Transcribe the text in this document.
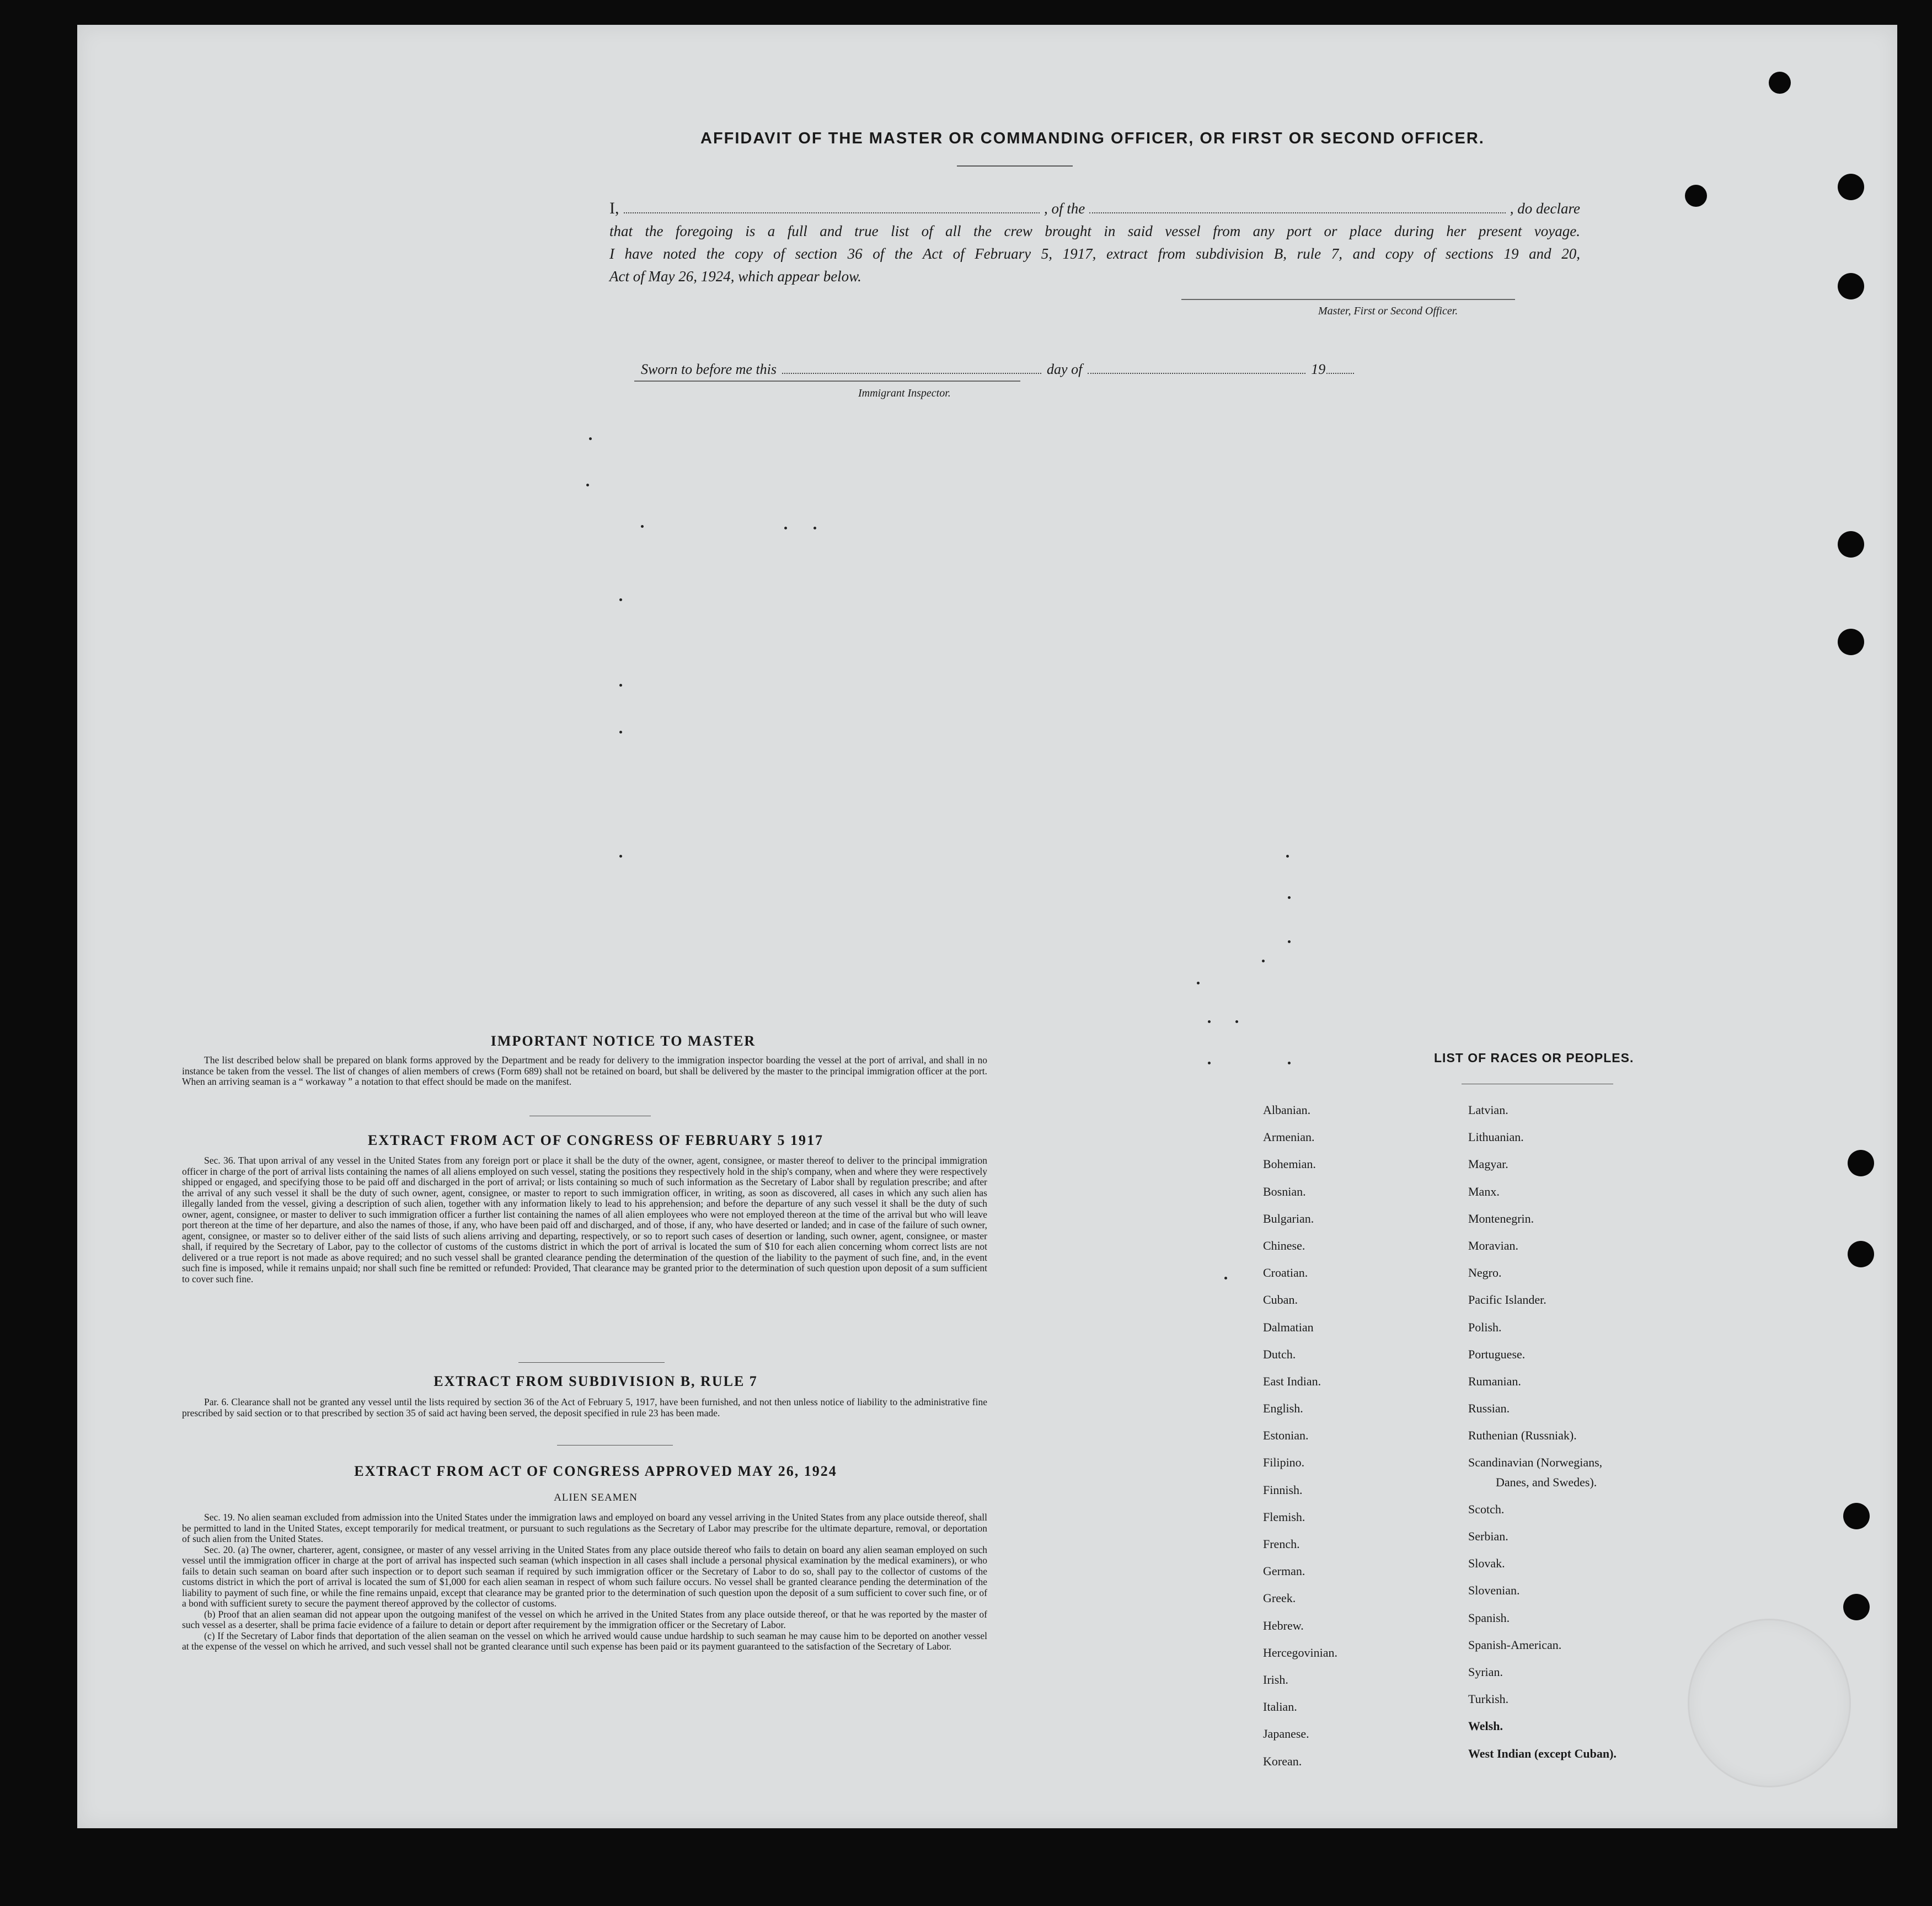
AFFIDAVIT OF THE MASTER OR COMMANDING OFFICER, OR FIRST OR SECOND OFFICER.
I,	, of the	, do declare
that the foregoing is a full and true list of all the crew brought in said vessel from any port or place during her present voyage.
I have noted the copy of section 36 of the Act of February 5, 1917, extract from subdivision B, rule 7, and copy of sections 19 and 20,
Act of May 26, 1924, which appear below.
Master, First or Second Officer.
Sworn to before me this	day of	19
Immigrant Inspector.
IMPORTANT NOTICE TO MASTER

The list described below shall be prepared on blank forms approved by the Department and be ready for delivery to the immigration inspector boarding the vessel at the port of arrival, and shall in no instance be taken from the vessel. The list of changes of alien members of crews (Form 689) shall not be retained on board, but shall be delivered by the master to the principal immigration officer at the port. When an arriving seaman is a “ workaway ” a notation to that effect should be made on the manifest.

EXTRACT FROM ACT OF CONGRESS OF FEBRUARY 5 1917

Sec. 36. That upon arrival of any vessel in the United States from any foreign port or place it shall be the duty of the owner, agent, consignee, or master thereof to deliver to the principal immigration officer in charge of the port of arrival lists containing the names of all aliens employed on such vessel, stating the positions they respectively hold in the ship's company, when and where they were respectively shipped or engaged, and specifying those to be paid off and discharged in the port of arrival; or lists containing so much of such information as the Secretary of Labor shall by regulation prescribe; and after the arrival of any such vessel it shall be the duty of such owner, agent, consignee, or master to report to such immigration officer, in writing, as soon as discovered, all cases in which any such alien has illegally landed from the vessel, giving a description of such alien, together with any information likely to lead to his apprehension; and before the departure of any such vessel it shall be the duty of such owner, agent, consignee, or master to deliver to such immigration officer a further list containing the names of all alien employees who were not employed thereon at the time of the arrival but who will leave port thereon at the time of her departure, and also the names of those, if any, who have been paid off and discharged, and of those, if any, who have deserted or landed; and in case of the failure of such owner, agent, consignee, or master so to deliver either of the said lists of such aliens arriving and departing, respectively, or so to report such cases of desertion or landing, such owner, agent, consignee, or master shall, if required by the Secretary of Labor, pay to the collector of customs of the customs district in which the port of arrival is located the sum of $10 for each alien concerning whom correct lists are not delivered or a true report is not made as above required; and no such vessel shall be granted clearance pending the determination of the question of the liability to the payment of such fine, and, in the event such fine is imposed, while it remains unpaid; nor shall such fine be remitted or refunded: Provided, That clearance may be granted prior to the determination of such question upon deposit of a sum sufficient to cover such fine.

EXTRACT FROM SUBDIVISION B, RULE 7

Par. 6. Clearance shall not be granted any vessel until the lists required by section 36 of the Act of February 5, 1917, have been furnished, and not then unless notice of liability to the administrative fine prescribed by said section or to that prescribed by section 35 of said act having been served, the deposit specified in rule 23 has been made.

EXTRACT FROM ACT OF CONGRESS APPROVED MAY 26, 1924
ALIEN SEAMEN

Sec. 19. No alien seaman excluded from admission into the United States under the immigration laws and employed on board any vessel arriving in the United States from any place outside thereof, shall be permitted to land in the United States, except temporarily for medical treatment, or pursuant to such regulations as the Secretary of Labor may prescribe for the ultimate departure, removal, or deportation of such alien from the United States.

Sec. 20. (a) The owner, charterer, agent, consignee, or master of any vessel arriving in the United States from any place outside thereof who fails to detain on board any alien seaman employed on such vessel until the immigration officer in charge at the port of arrival has inspected such seaman (which inspection in all cases shall include a personal physical examination by the medical examiners), or who fails to detain such seaman on board after such inspection or to deport such seaman if required by such immigration officer or the Secretary of Labor to do so, shall pay to the collector of customs of the customs district in which the port of arrival is located the sum of $1,000 for each alien seaman in respect of whom such failure occurs. No vessel shall be granted clearance pending the determination of the liability to payment of such fine, or while the fine remains unpaid, except that clearance may be granted prior to the determination of such question upon the deposit of a sum sufficient to cover such fine, or of a bond with sufficient surety to secure the payment thereof approved by the collector of customs.

(b) Proof that an alien seaman did not appear upon the outgoing manifest of the vessel on which he arrived in the United States from any place outside thereof, or that he was reported by the master of such vessel as a deserter, shall be prima facie evidence of a failure to detain or deport after requirement by the immigration officer or the Secretary of Labor.

(c) If the Secretary of Labor finds that deportation of the alien seaman on the vessel on which he arrived would cause undue hardship to such seaman he may cause him to be deported on another vessel at the expense of the vessel on which he arrived, and such vessel shall not be granted clearance until such expense has been paid or its payment guaranteed to the satisfaction of the Secretary of Labor.

LIST OF RACES OR PEOPLES.
Albanian.
Armenian.
Bohemian.
Bosnian.
Bulgarian.
Chinese.
Croatian.
Cuban.
Dalmatian
Dutch.
East Indian.
English.
Estonian.
Filipino.
Finnish.
Flemish.
French.
German.
Greek.
Hebrew.
Hercegovinian.
Irish.
Italian.
Japanese.
Korean.
Latvian.
Lithuanian.
Magyar.
Manx.
Montenegrin.
Moravian.
Negro.
Pacific Islander.
Polish.
Portuguese.
Rumanian.
Russian.
Ruthenian (Russniak).
Scandinavian (Norwegians,
Danes, and Swedes).
Scotch.
Serbian.
Slovak.
Slovenian.
Spanish.
Spanish-American.
Syrian.
Turkish.
Welsh.
West Indian (except Cuban).
